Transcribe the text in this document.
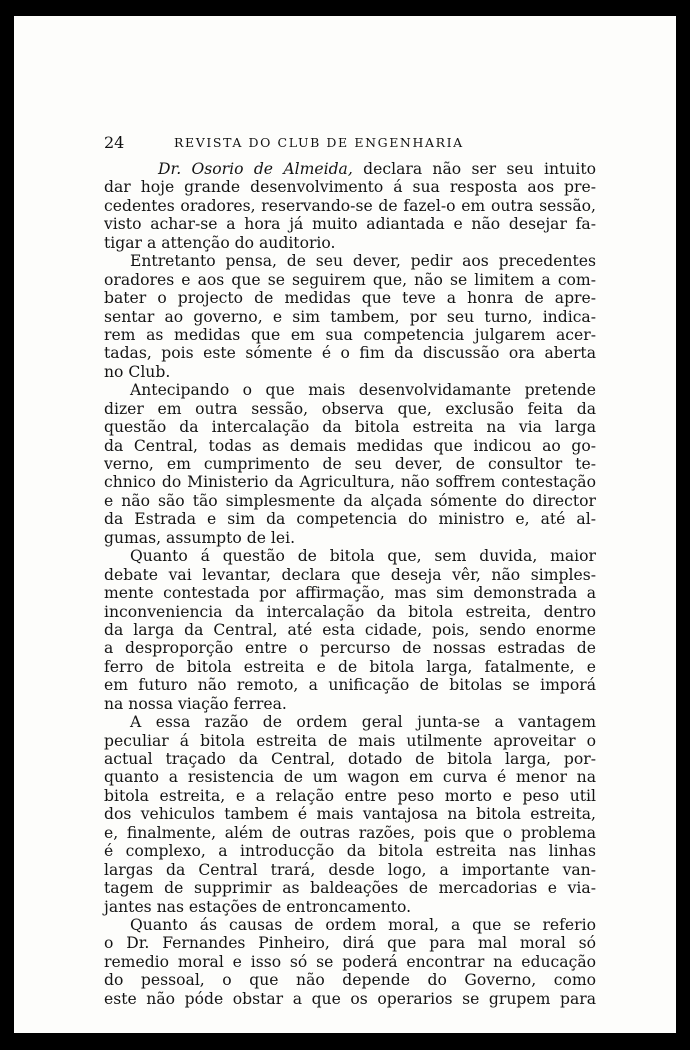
24	REVISTA DO CLUB DE ENGENHARIA
Dr. Osorio de Almeida, declara não ser seu intuito
dar hoje grande desenvolvimento á sua resposta aos pre-
cedentes oradores, reservando-se de fazel-o em outra sessão,
visto achar-se a hora já muito adiantada e não desejar fa-
tigar a attenção do auditorio.
Entretanto pensa, de seu dever, pedir aos precedentes
oradores e aos que se seguirem que, não se limitem a com-
bater o projecto de medidas que teve a honra de apre-
sentar ao governo, e sim tambem, por seu turno, indica-
rem as medidas que em sua competencia julgarem acer-
tadas, pois este sómente é o fim da discussão ora aberta
no Club.
Antecipando o que mais desenvolvidamante pretende
dizer em outra sessão, observa que, exclusão feita da
questão da intercalação da bitola estreita na via larga
da Central, todas as demais medidas que indicou ao go-
verno, em cumprimento de seu dever, de consultor te-
chnico do Ministerio da Agricultura, não soffrem contestação
e não são tão simplesmente da alçada sómente do director
da Estrada e sim da competencia do ministro e, até al-
gumas, assumpto de lei.
Quanto á questão de bitola que, sem duvida, maior
debate vai levantar, declara que deseja vêr, não simples-
mente contestada por affirmação, mas sim demonstrada a
inconveniencia da intercalação da bitola estreita, dentro
da larga da Central, até esta cidade, pois, sendo enorme
a desproporção entre o percurso de nossas estradas de
ferro de bitola estreita e de bitola larga, fatalmente, e
em futuro não remoto, a unificação de bitolas se imporá
na nossa viação ferrea.
A essa razão de ordem geral junta-se a vantagem
peculiar á bitola estreita de mais utilmente aproveitar o
actual traçado da Central, dotado de bitola larga, por-
quanto a resistencia de um wagon em curva é menor na
bitola estreita, e a relação entre peso morto e peso util
dos vehiculos tambem é mais vantajosa na bitola estreita,
e, finalmente, além de outras razões, pois que o problema
é complexo, a introducção da bitola estreita nas linhas
largas da Central trará, desde logo, a importante van-
tagem de supprimir as baldeações de mercadorias e via-
jantes nas estações de entroncamento.
Quanto ás causas de ordem moral, a que se referio
o Dr. Fernandes Pinheiro, dirá que para mal moral só
remedio moral e isso só se poderá encontrar na educação
do pessoal, o que não depende do Governo, como
este não póde obstar a que os operarios se grupem para
